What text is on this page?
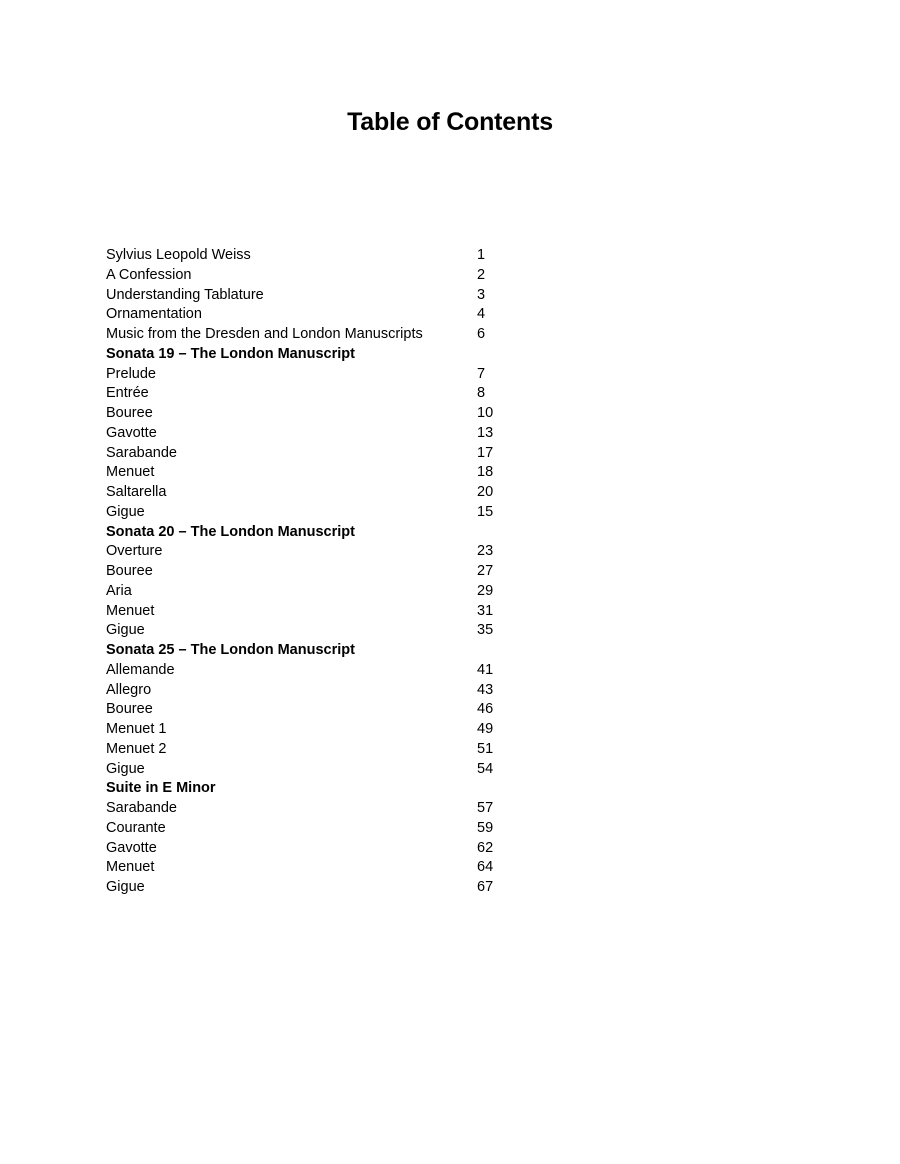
Table of Contents
Sylvius Leopold Weiss	1
A Confession	2
Understanding Tablature	3
Ornamentation	4
Music from the Dresden and London Manuscripts	6
Sonata 19 – The London Manuscript
Prelude	7
Entrée	8
Bouree	10
Gavotte	13
Sarabande	17
Menuet	18
Saltarella	20
Gigue	15
Sonata 20 – The London Manuscript
Overture	23
Bouree	27
Aria	29
Menuet	31
Gigue	35
Sonata 25 – The London Manuscript
Allemande	41
Allegro	43
Bouree	46
Menuet 1	49
Menuet 2	51
Gigue	54
Suite in E Minor
Sarabande	57
Courante	59
Gavotte	62
Menuet	64
Gigue	67
